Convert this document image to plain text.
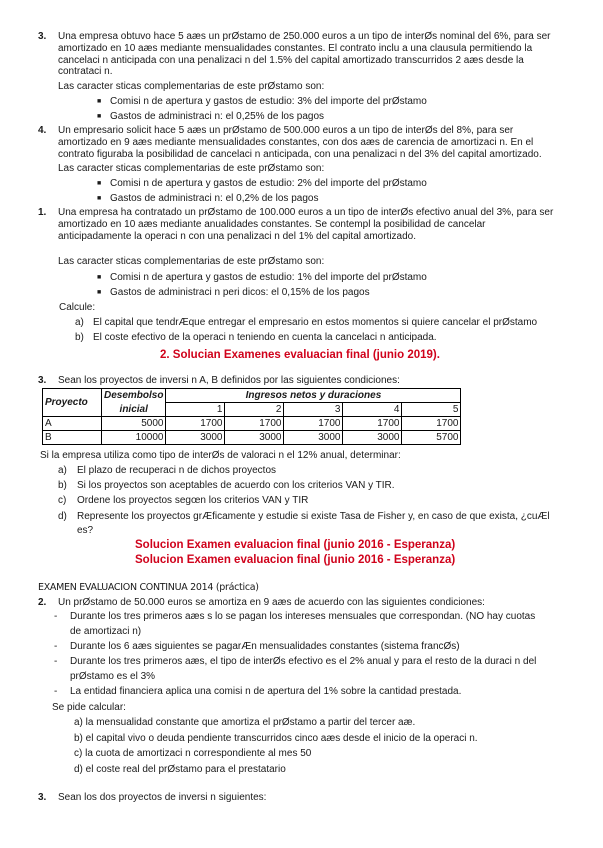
3. Una empresa obtuvo hace 5 aæs un prØstamo de 250.000 euros a un tipo de interØs nominal del 6%, para ser
amortizado en 10 aæs mediante mensualidades constantes. El contrato inclu a una clausula permitiendo la
cancelaci n anticipada con una penalizaci n del 1.5% del capital amortizado transcurridos 2 aæs desde la
contrataci n.
Las caracter sticas complementarias de este prØstamo son:
■ Comisi n de apertura y gastos de estudio: 3% del importe del prØstamo
■ Gastos de administraci n: el 0,25% de los pagos
4. Un empresario solicit hace 5 aæs un prØstamo de 500.000 euros a un tipo de interØs del 8%, para ser
amortizado en 9 aæs mediante mensualidades constantes, con dos aæs de carencia de amortizaci n. En el
contrato figuraba la posibilidad de cancelaci n anticipada, con una penalizaci n del 3% del capital amortizado.
Las caracter sticas complementarias de este prØstamo son:
■ Comisi n de apertura y gastos de estudio: 2% del importe del prØstamo
■ Gastos de administraci n: el 0,2% de los pagos
1. Una empresa ha contratado un prØstamo de 100.000 euros a un tipo de interØs efectivo anual del 3%, para ser
amortizado en 10 aæs mediante anualidades constantes. Se contempl la posibilidad de cancelar
anticipadamente la operaci n con una penalizaci n del 1% del capital amortizado.
Las caracter sticas complementarias de este prØstamo son:
■ Comisi n de apertura y gastos de estudio: 1% del importe del prØstamo
■ Gastos de administraci n peri dicos: el 0,15% de los pagos
Calcule:
a) El capital que tendrÆque entregar el empresario en estos momentos si quiere cancelar el prØstamo
b) El coste efectivo de la operaci n teniendo en cuenta la cancelaci n anticipada.
2. Solucian Examenes evaluacian final (junio 2019).
3. Sean los proyectos de inversi n A, B definidos por las siguientes condiciones:
Proyecto	Desembolso	Ingresos netos y duraciones				
	inicial	1	2	3	4	5
A	5000	1700	1700	1700	1700	1700
B	10000	3000	3000	3000	3000	5700
Si la empresa utiliza como tipo de interØs de valoraci n el 12% anual, determinar:
a) El plazo de recuperaci n de dichos proyectos
b) Si los proyectos son aceptables de acuerdo con los criterios VAN y TIR.
c) Ordene los proyectos segœn los criterios VAN y TIR
d) Represente los proyectos grÆficamente y estudie si existe Tasa de Fisher y, en caso de que exista, ¿cuÆl
es?
Solucion Examen evaluacion final (junio 2016 - Esperanza)
Solucion Examen evaluacion final (junio 2016 - Esperanza)
EXAMEN EVALUACION CONTINUA 2014 (práctica)
2. Un prØstamo de 50.000 euros se amortiza en 9 aæs de acuerdo con las siguientes condiciones:
- Durante los tres primeros aæs s lo se pagan los intereses mensuales que correspondan. (NO hay cuotas
de amortizaci n)
- Durante los 6 aæs siguientes se pagarÆn mensualidades constantes (sistema francØs)
- Durante los tres primeros aæs, el tipo de interØs efectivo es el 2% anual y para el resto de la duraci n del
prØstamo es el 3%
- La entidad financiera aplica una comisi n de apertura del 1% sobre la cantidad prestada.
Se pide calcular:
a) la mensualidad constante que amortiza el prØstamo a partir del tercer aæ.
b) el capital vivo o deuda pendiente transcurridos cinco aæs desde el inicio de la operaci n.
c) la cuota de amortizaci n correspondiente al mes 50
d) el coste real del prØstamo para el prestatario
3. Sean los dos proyectos de inversi n siguientes:
